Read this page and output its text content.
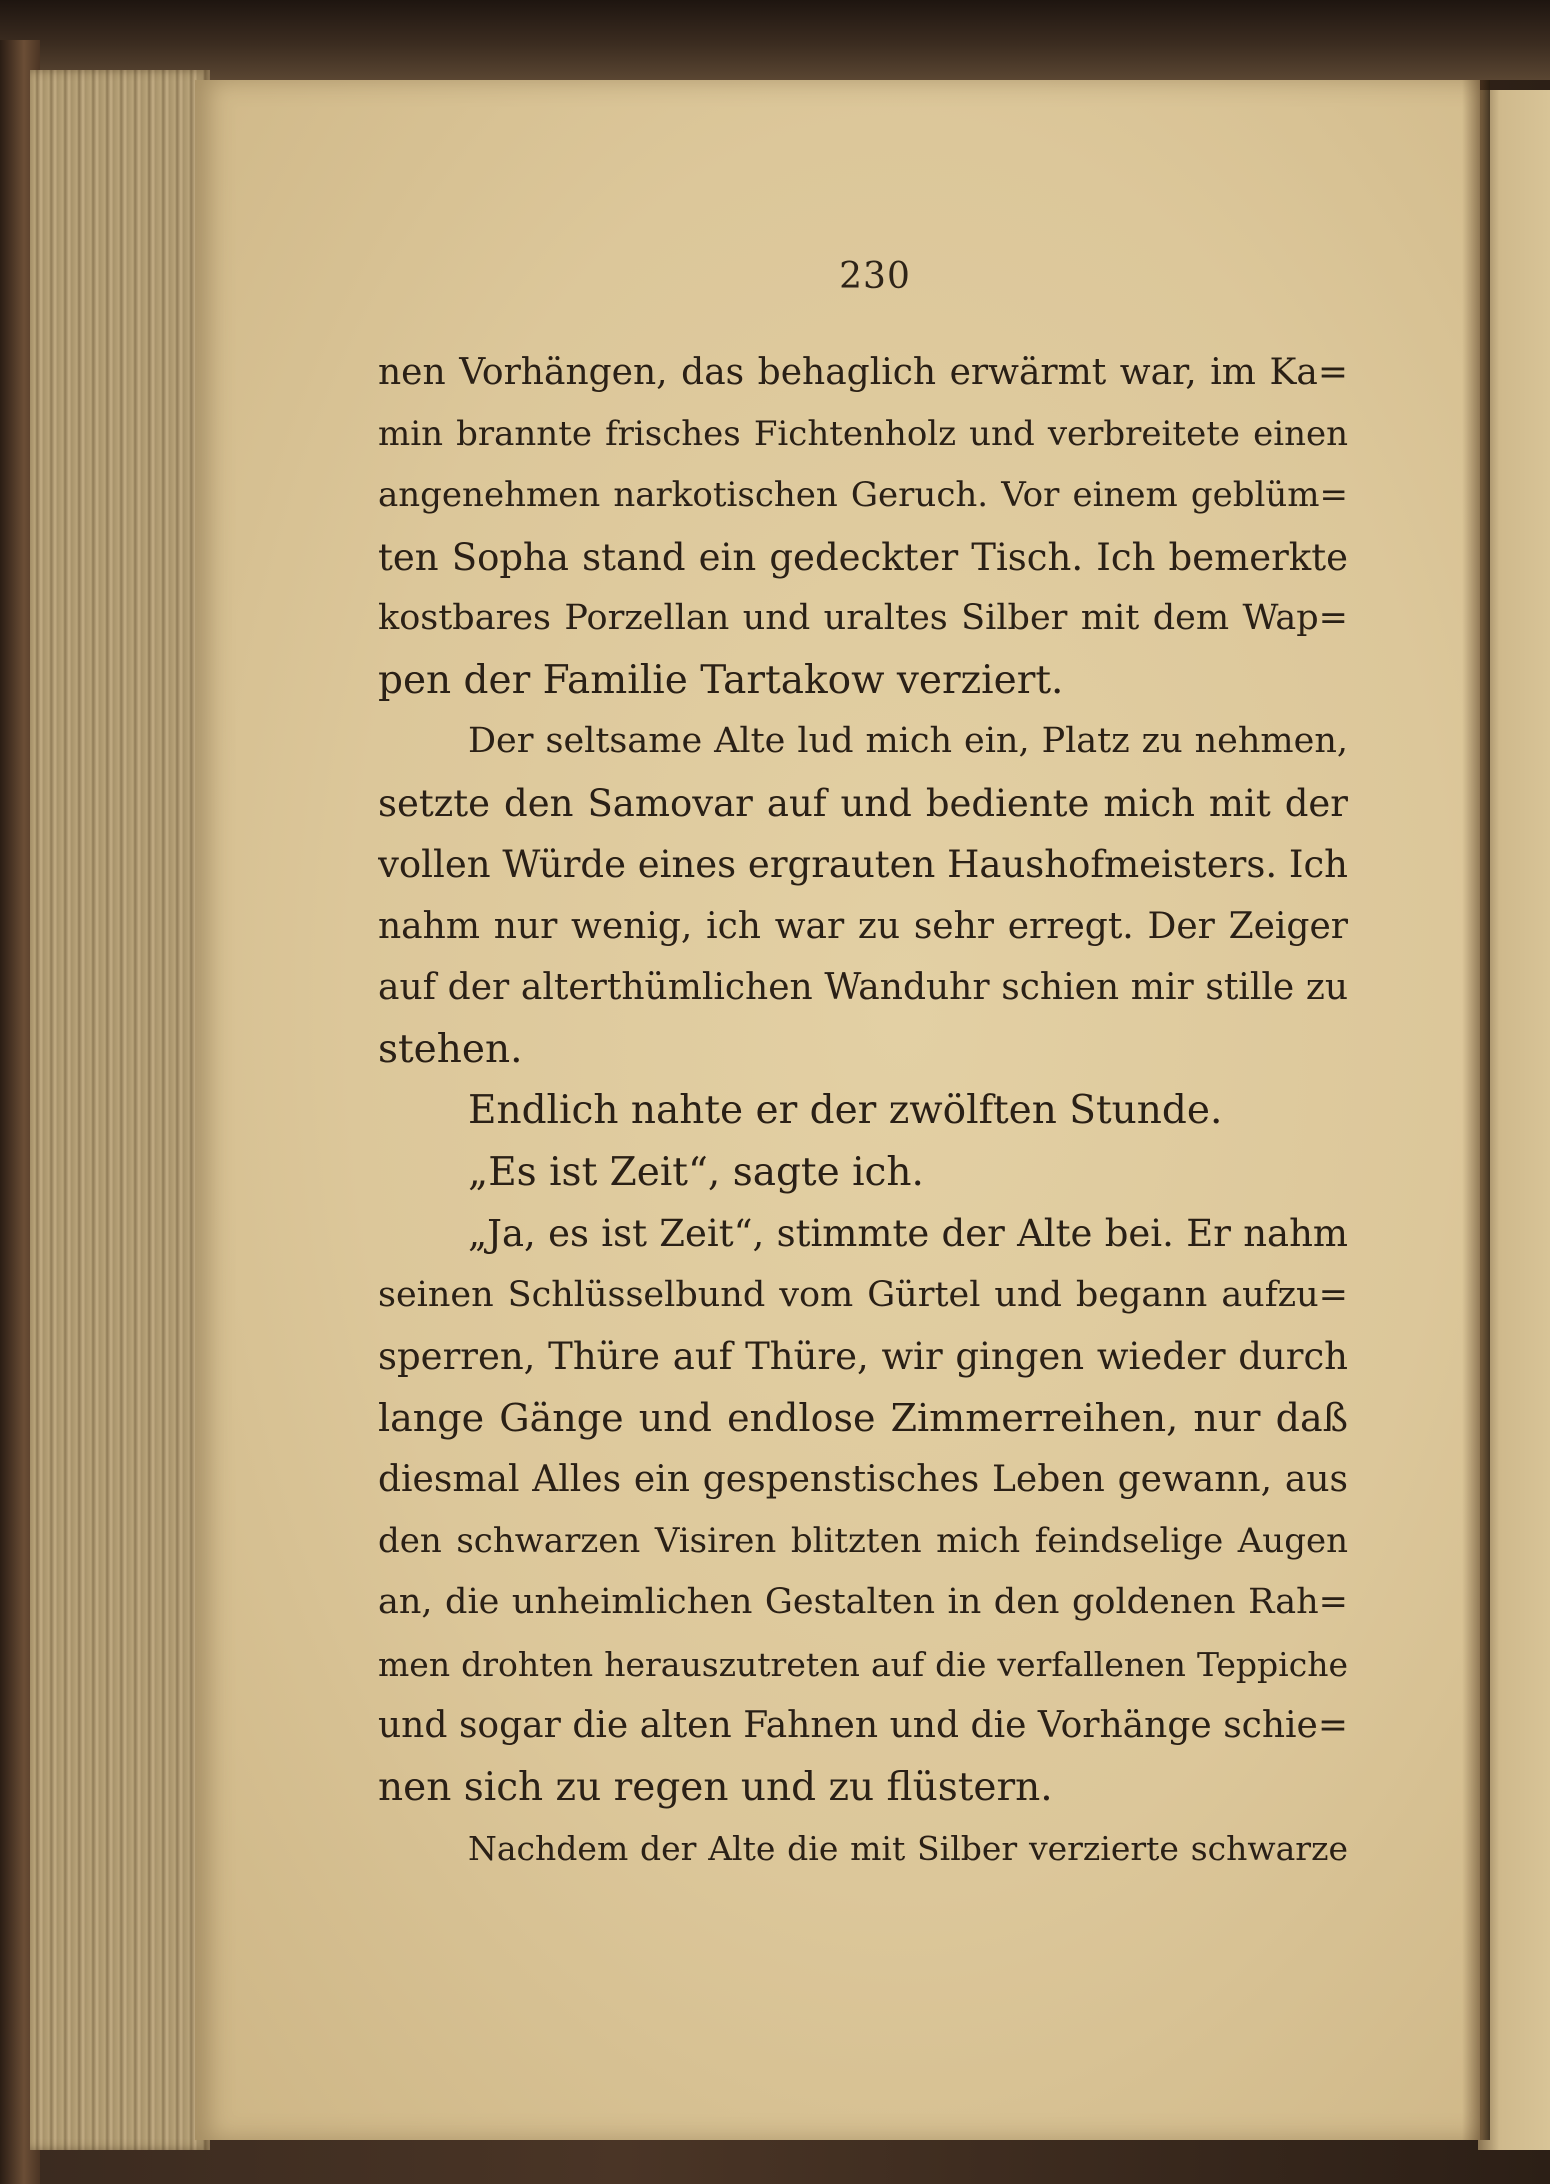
230
nen Vorhängen, das behaglich erwärmt war, im Ka=
min brannte frisches Fichtenholz und verbreitete einen
angenehmen narkotischen Geruch. Vor einem geblüm=
ten Sopha stand ein gedeckter Tisch. Ich bemerkte
kostbares Porzellan und uraltes Silber mit dem Wap=
pen der Familie Tartakow verziert.
Der seltsame Alte lud mich ein, Platz zu nehmen,
setzte den Samovar auf und bediente mich mit der
vollen Würde eines ergrauten Haushofmeisters. Ich
nahm nur wenig, ich war zu sehr erregt. Der Zeiger
auf der alterthümlichen Wanduhr schien mir stille zu
stehen.
Endlich nahte er der zwölften Stunde.
„Es ist Zeit“, sagte ich.
„Ja, es ist Zeit“, stimmte der Alte bei. Er nahm
seinen Schlüsselbund vom Gürtel und begann aufzu=
sperren, Thüre auf Thüre, wir gingen wieder durch
lange Gänge und endlose Zimmerreihen, nur daß
diesmal Alles ein gespenstisches Leben gewann, aus
den schwarzen Visiren blitzten mich feindselige Augen
an, die unheimlichen Gestalten in den goldenen Rah=
men drohten herauszutreten auf die verfallenen Teppiche
und sogar die alten Fahnen und die Vorhänge schie=
nen sich zu regen und zu flüstern.
Nachdem der Alte die mit Silber verzierte schwarze
